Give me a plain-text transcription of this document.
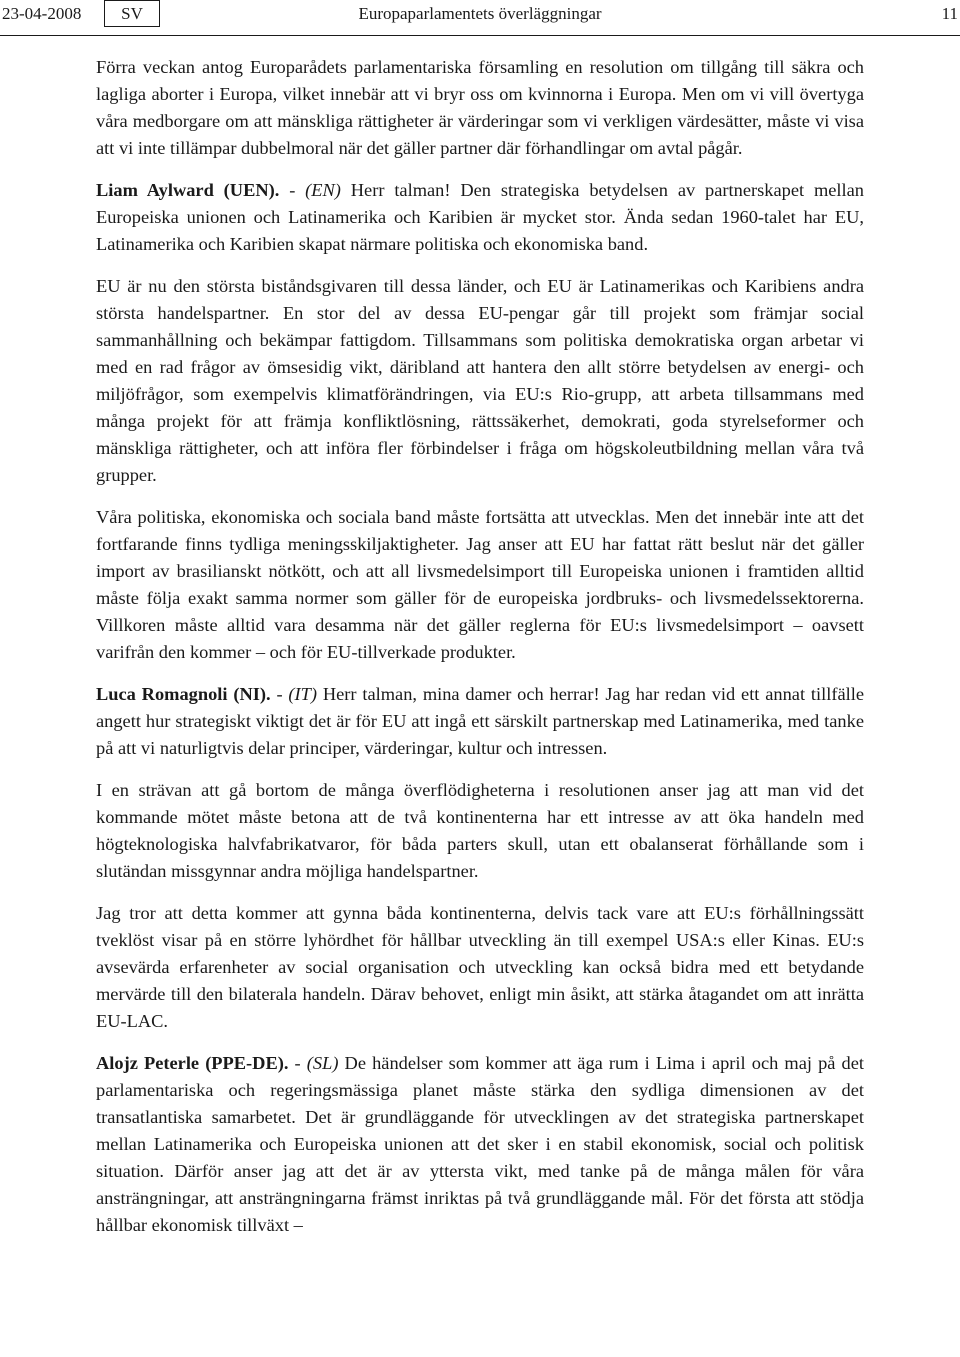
23-04-2008	SV	Europaparlamentets överläggningar	11

Förra veckan antog Europarådets parlamentariska församling en resolution om tillgång till säkra och lagliga aborter i Europa, vilket innebär att vi bryr oss om kvinnorna i Europa. Men om vi vill övertyga våra medborgare om att mänskliga rättigheter är värderingar som vi verkligen värdesätter, måste vi visa att vi inte tillämpar dubbelmoral när det gäller partner där förhandlingar om avtal pågår.

Liam Aylward (UEN). - (EN) Herr talman! Den strategiska betydelsen av partnerskapet mellan Europeiska unionen och Latinamerika och Karibien är mycket stor. Ända sedan 1960-talet har EU, Latinamerika och Karibien skapat närmare politiska och ekonomiska band.

EU är nu den största biståndsgivaren till dessa länder, och EU är Latinamerikas och Karibiens andra största handelspartner. En stor del av dessa EU-pengar går till projekt som främjar social sammanhållning och bekämpar fattigdom. Tillsammans som politiska demokratiska organ arbetar vi med en rad frågor av ömsesidig vikt, däribland att hantera den allt större betydelsen av energi- och miljöfrågor, som exempelvis klimatförändringen, via EU:s Rio-grupp, att arbeta tillsammans med många projekt för att främja konfliktlösning, rättssäkerhet, demokrati, goda styrelseformer och mänskliga rättigheter, och att införa fler förbindelser i fråga om högskoleutbildning mellan våra två grupper.

Våra politiska, ekonomiska och sociala band måste fortsätta att utvecklas. Men det innebär inte att det fortfarande finns tydliga meningsskiljaktigheter. Jag anser att EU har fattat rätt beslut när det gäller import av brasilianskt nötkött, och att all livsmedelsimport till Europeiska unionen i framtiden alltid måste följa exakt samma normer som gäller för de europeiska jordbruks- och livsmedelssektorerna. Villkoren måste alltid vara desamma när det gäller reglerna för EU:s livsmedelsimport – oavsett varifrån den kommer – och för EU-tillverkade produkter.

Luca Romagnoli (NI). - (IT) Herr talman, mina damer och herrar! Jag har redan vid ett annat tillfälle angett hur strategiskt viktigt det är för EU att ingå ett särskilt partnerskap med Latinamerika, med tanke på att vi naturligtvis delar principer, värderingar, kultur och intressen.

I en strävan att gå bortom de många överflödigheterna i resolutionen anser jag att man vid det kommande mötet måste betona att de två kontinenterna har ett intresse av att öka handeln med högteknologiska halvfabrikatvaror, för båda parters skull, utan ett obalanserat förhållande som i slutändan missgynnar andra möjliga handelspartner.

Jag tror att detta kommer att gynna båda kontinenterna, delvis tack vare att EU:s förhållningssätt tveklöst visar på en större lyhördhet för hållbar utveckling än till exempel USA:s eller Kinas. EU:s avsevärda erfarenheter av social organisation och utveckling kan också bidra med ett betydande mervärde till den bilaterala handeln. Därav behovet, enligt min åsikt, att stärka åtagandet om att inrätta EU-LAC.

Alojz Peterle (PPE-DE). - (SL) De händelser som kommer att äga rum i Lima i april och maj på det parlamentariska och regeringsmässiga planet måste stärka den sydliga dimensionen av det transatlantiska samarbetet. Det är grundläggande för utvecklingen av det strategiska partnerskapet mellan Latinamerika och Europeiska unionen att det sker i en stabil ekonomisk, social och politisk situation. Därför anser jag att det är av yttersta vikt, med tanke på de många målen för våra ansträngningar, att ansträngningarna främst inriktas på två grundläggande mål. För det första att stödja hållbar ekonomisk tillväxt –
